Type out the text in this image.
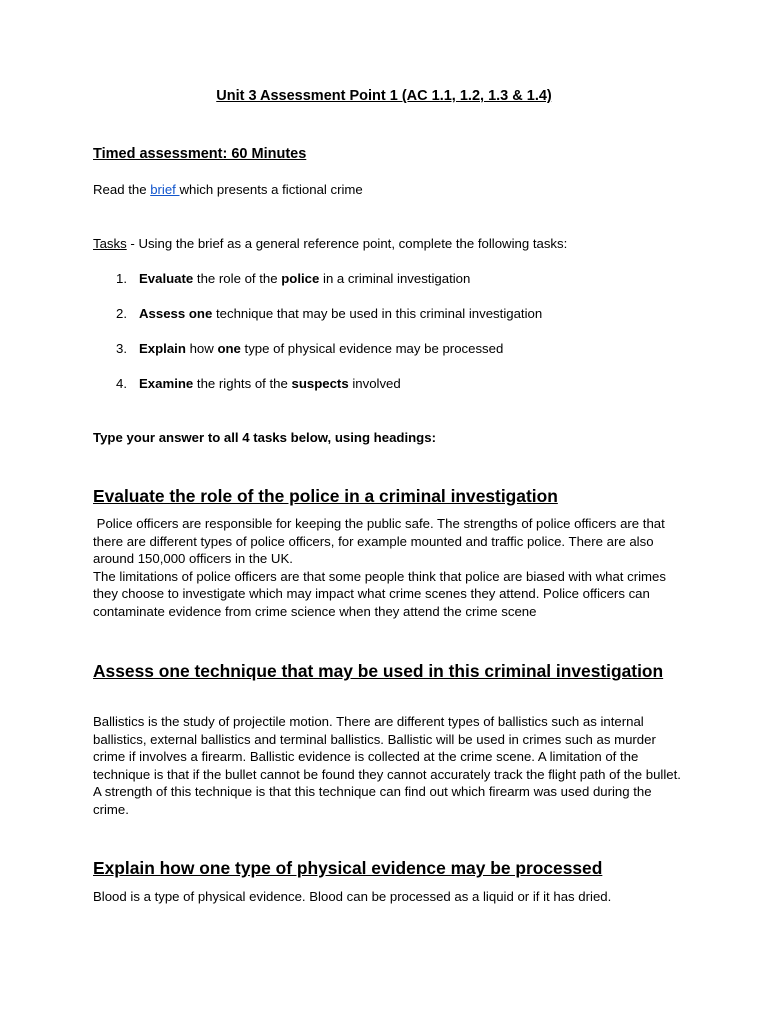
Unit 3 Assessment Point 1 (AC 1.1, 1.2, 1.3 & 1.4)
Timed assessment: 60 Minutes
Read the brief which presents a fictional crime
Tasks - Using the brief as a general reference point, complete the following tasks:
1. Evaluate the role of the police in a criminal investigation
2. Assess one technique that may be used in this criminal investigation
3. Explain how one type of physical evidence may be processed
4. Examine the rights of the suspects involved
Type your answer to all 4 tasks below, using headings:
Evaluate the role of the police in a criminal investigation
Police officers are responsible for keeping the public safe. The strengths of police officers are that there are different types of police officers, for example mounted and traffic police. There are also around 150,000 officers in the UK.
The limitations of police officers are that some people think that police are biased with what crimes they choose to investigate which may impact what crime scenes they attend. Police officers can contaminate evidence from crime science when they attend the crime scene
Assess one technique that may be used in this criminal investigation
Ballistics is the study of projectile motion. There are different types of ballistics such as internal ballistics, external ballistics and terminal ballistics. Ballistic will be used in crimes such as murder crime if involves a firearm. Ballistic evidence is collected at the crime scene. A limitation of the technique is that if the bullet cannot be found they cannot accurately track the flight path of the bullet. A strength of this technique is that this technique can find out which firearm was used during the crime.
Explain how one type of physical evidence may be processed
Blood is a type of physical evidence. Blood can be processed as a liquid or if it has dried.
